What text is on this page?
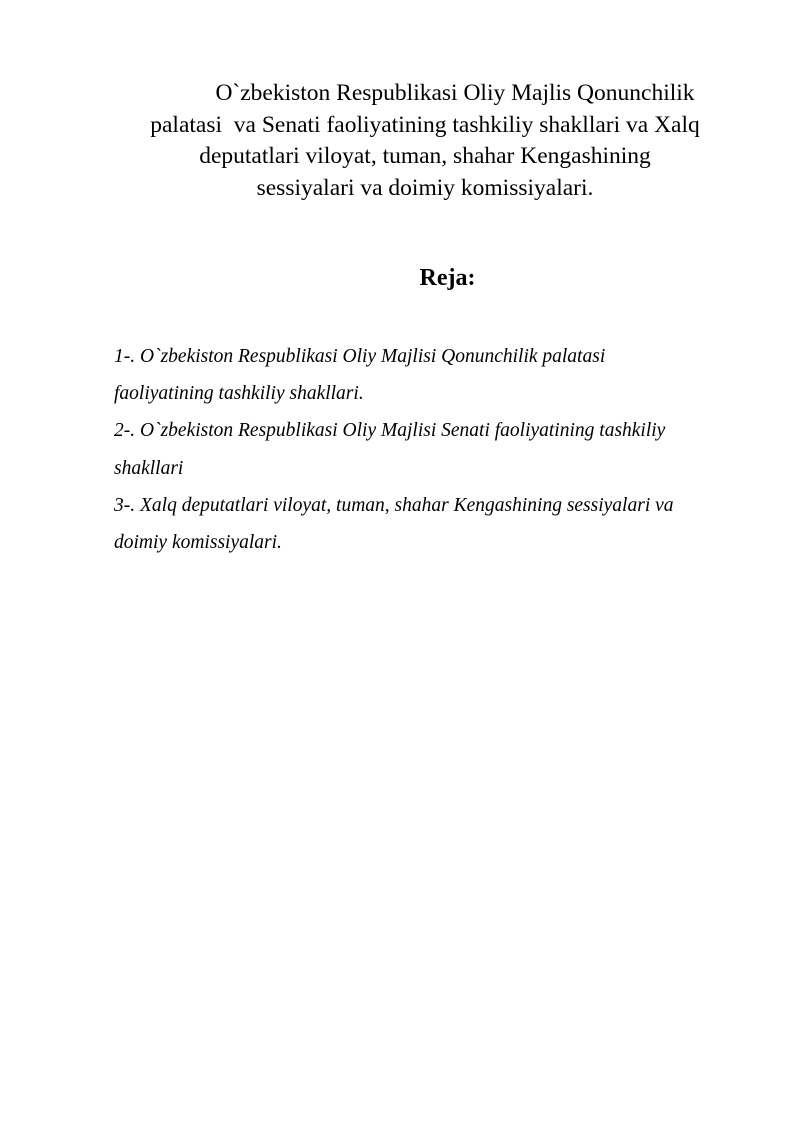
O`zbekiston Respublikasi Oliy Majlis Qonunchilik
palatasi  va Senati faoliyatining tashkiliy shakllari va Xalq
deputatlari viloyat, tuman, shahar Kengashining
sessiyalari va doimiy komissiyalari.
Reja:
1-. O`zbekiston Respublikasi Oliy Majlisi Qonunchilik palatasi
faoliyatining tashkiliy shakllari.
2-. O`zbekiston Respublikasi Oliy Majlisi Senati faoliyatining tashkiliy
shakllari
3-. Xalq deputatlari viloyat, tuman, shahar Kengashining sessiyalari va
doimiy komissiyalari.
